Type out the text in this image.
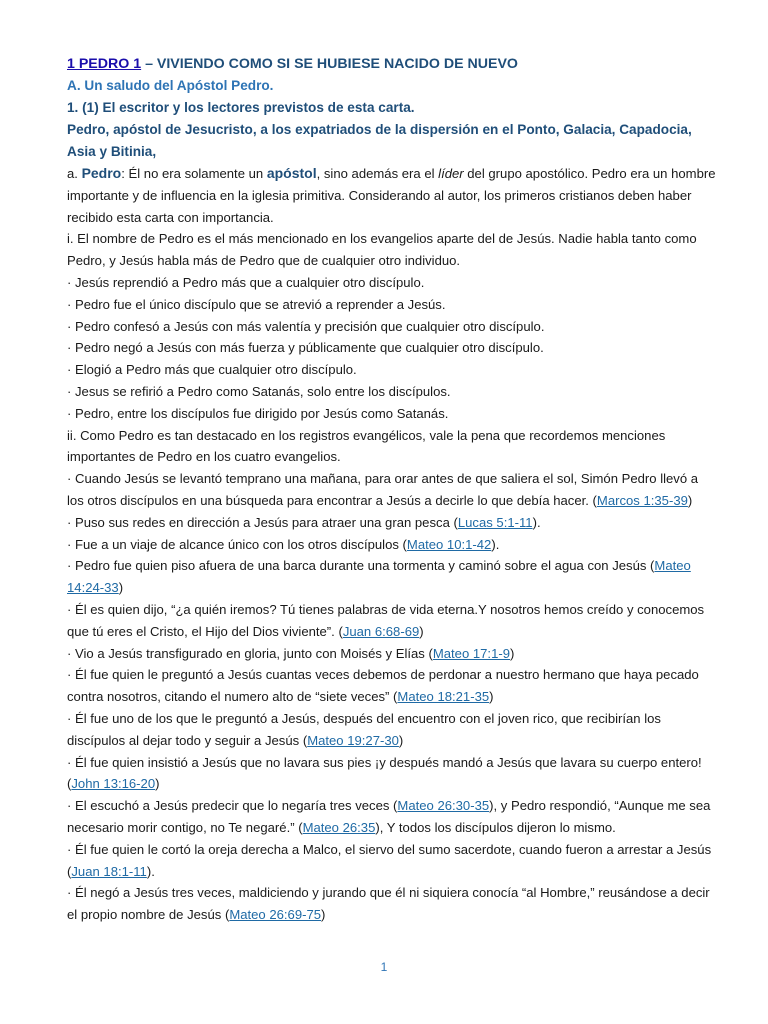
1 PEDRO 1 – VIVIENDO COMO SI SE HUBIESE NACIDO DE NUEVO
A. Un saludo del Apóstol Pedro.
1. (1) El escritor y los lectores previstos de esta carta.
Pedro, apóstol de Jesucristo, a los expatriados de la dispersión en el Ponto, Galacia, Capadocia, Asia y Bitinia,

a. Pedro: Él no era solamente un apóstol, sino además era el líder del grupo apostólico. Pedro era un hombre importante y de influencia en la iglesia primitiva. Considerando al autor, los primeros cristianos deben haber recibido esta carta con importancia.

i. El nombre de Pedro es el más mencionado en los evangelios aparte del de Jesús. Nadie habla tanto como Pedro, y Jesús habla más de Pedro que de cualquier otro individuo.

· Jesús reprendió a Pedro más que a cualquier otro discípulo.

· Pedro fue el único discípulo que se atrevió a reprender a Jesús.

· Pedro confesó a Jesús con más valentía y precisión que cualquier otro discípulo.

· Pedro negó a Jesús con más fuerza y públicamente que cualquier otro discípulo.

· Elogió a Pedro más que cualquier otro discípulo.

· Jesus se refirió a Pedro como Satanás, solo entre los discípulos.

· Pedro, entre los discípulos fue dirigido por Jesús como Satanás.

ii. Como Pedro es tan destacado en los registros evangélicos, vale la pena que recordemos menciones importantes de Pedro en los cuatro evangelios.

· Cuando Jesús se levantó temprano una mañana, para orar antes de que saliera el sol, Simón Pedro llevó a los otros discípulos en una búsqueda para encontrar a Jesús a decirle lo que debía hacer. (Marcos 1:35-39)

· Puso sus redes en dirección a Jesús para atraer una gran pesca (Lucas 5:1-11).

· Fue a un viaje de alcance único con los otros discípulos (Mateo 10:1-42).

· Pedro fue quien piso afuera de una barca durante una tormenta y caminó sobre el agua con Jesús (Mateo 14:24-33)

· Él es quien dijo, “¿a quién iremos? Tú tienes palabras de vida eterna.Y nosotros hemos creído y conocemos que tú eres el Cristo, el Hijo del Dios viviente”. (Juan 6:68-69)

· Vio a Jesús transfigurado en gloria, junto con Moisés y Elías (Mateo 17:1-9)

· Él fue quien le preguntó a Jesús cuantas veces debemos de perdonar a nuestro hermano que haya pecado contra nosotros, citando el numero alto de “siete veces” (Mateo 18:21-35)

· Él fue uno de los que le preguntó a Jesús, después del encuentro con el joven rico, que recibirían los discípulos al dejar todo y seguir a Jesús (Mateo 19:27-30)

· Él fue quien insistió a Jesús que no lavara sus pies ¡y después mandó a Jesús que lavara su cuerpo entero! (John 13:16-20)

· El escuchó a Jesús predecir que lo negaría tres veces (Mateo 26:30-35), y Pedro respondió, “Aunque me sea necesario morir contigo, no Te negaré.” (Mateo 26:35), Y todos los discípulos dijeron lo mismo.

· Él fue quien le cortó la oreja derecha a Malco, el siervo del sumo sacerdote, cuando fueron a arrestar a Jesús (Juan 18:1-11).

· Él negó a Jesús tres veces, maldiciendo y jurando que él ni siquiera conocía “al Hombre,” reusándose a decir el propio nombre de Jesús (Mateo 26:69-75)

1
